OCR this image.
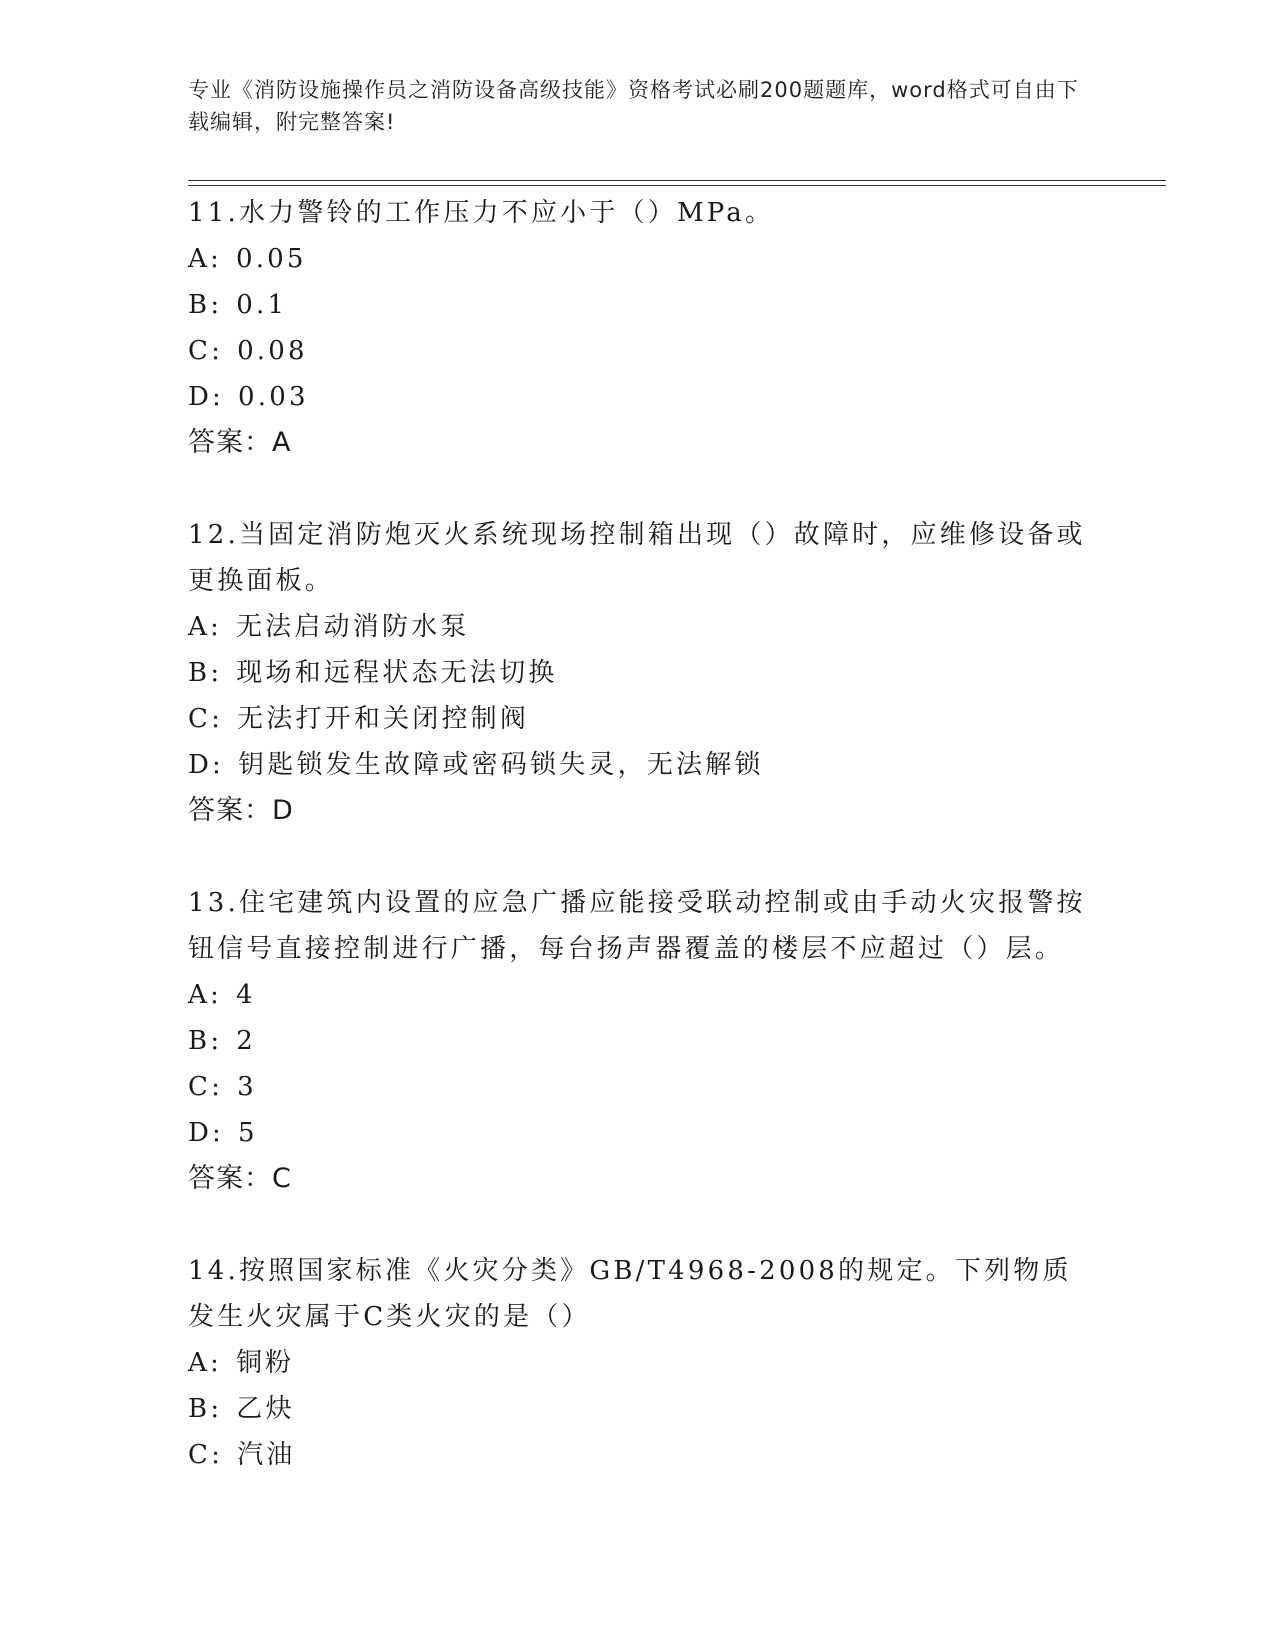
专业《消防设施操作员之消防设备高级技能》资格考试必刷200题题库，word格式可自由下载编辑，附完整答案!

11.水力警铃的工作压力不应小于（）MPa。

A : 0.05
B : 0.1
C : 0.08
D : 0.03

答案：A

12.当固定消防炮灭火系统现场控制箱出现（）故障时，应维修设备或更换面板。

A : 无法启动消防水泵
B : 现场和远程状态无法切换
C : 无法打开和关闭控制阀
D : 钥匙锁发生故障或密码锁失灵，无法解锁

答案：D

13.住宅建筑内设置的应急广播应能接受联动控制或由手动火灾报警按钮信号直接控制进行广播，每台扬声器覆盖的楼层不应超过（）层。

A : 4
B : 2
C : 3
D : 5

答案：C

14.按照国家标准《火灾分类》GB/T4968-2008的规定。下列物质发生火灾属于C类火灾的是（）

A : 铜粉
B : 乙炔
C : 汽油
